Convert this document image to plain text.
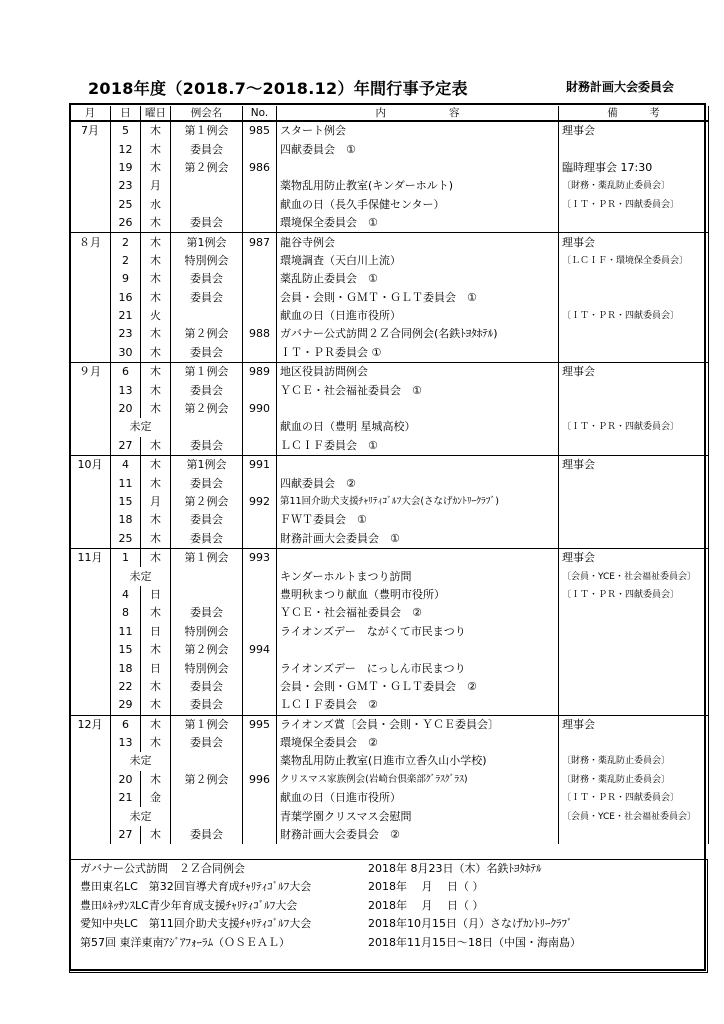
2018年度（2018.7～2018.12）年間行事予定表	財務計画大会委員会
月	日	曜日	例会名	No.	内　　　　　　容	備　　　考
7月	5	木	第１例会	985	スタート例会	理事会
	12	木	委員会		四献委員会　①	
	19	木	第２例会	986		臨時理事会 17:30
	23	月			薬物乱用防止教室(キンダーホルト)	〔財務・薬乱防止委員会〕
	25	水			献血の日（長久手保健センター）	〔ＩＴ・ＰＲ・四献委員会〕
	26	木	委員会		環境保全委員会　①	
８月	2	木	第1例会	987	龍谷寺例会	理事会
	2	木	特別例会		環境調査（天白川上流）	〔ＬＣＩＦ・環境保全委員会〕
	9	木	委員会		薬乱防止委員会　①	
	16	木	委員会		会員・会則・ＧＭＴ・ＧＬＴ委員会　①	
	21	火			献血の日（日進市役所）	〔ＩＴ・ＰＲ・四献委員会〕
	23	木	第２例会	988	ガバナー公式訪問２Ｚ合同例会(名鉄ﾄﾖﾀﾎﾃﾙ)	
	30	木	委員会		ＩＴ・ＰＲ委員会 ①	
９月	6	木	第１例会	989	地区役員訪問例会	理事会
	13	木	委員会		ＹＣＥ・社会福祉委員会　①	
	20	木	第２例会	990		
	未定				献血の日（豊明 星城高校）	〔ＩＴ・ＰＲ・四献委員会〕
	27	木	委員会		ＬＣＩＦ委員会　①	
10月	4	木	第1例会	991		理事会
	11	木	委員会		四献委員会　②	
	15	月	第２例会	992	第11回介助犬支援ﾁｬﾘﾃｨｺﾞﾙﾌ大会(さなげｶﾝﾄﾘｰｸﾗﾌﾞ)	
	18	木	委員会		ＦＷＴ委員会　①	
	25	木	委員会		財務計画大会委員会　①	
11月	1	木	第１例会	993		理事会
	未定				キンダーホルトまつり訪問	〔会員・YCE・社会福祉委員会〕
	4	日			豊明秋まつり献血（豊明市役所）	〔ＩＴ・ＰＲ・四献委員会〕
	8	木	委員会		ＹＣＥ・社会福祉委員会　②	
	11	日	特別例会		ライオンズデー　ながくて市民まつり	
	15	木	第２例会	994		
	18	日	特別例会		ライオンズデー　にっしん市民まつり	
	22	木	委員会		会員・会則・ＧＭＴ・ＧＬＴ委員会　②	
	29	木	委員会		ＬＣＩＦ委員会　②	
12月	6	木	第１例会	995	ライオンズ賞〔会員・会則・ＹＣＥ委員会〕	理事会
	13	木	委員会		環境保全委員会　②	
	未定				薬物乱用防止教室(日進市立香久山小学校)	〔財務・薬乱防止委員会〕
	20	木	第２例会	996	クリスマス家族例会(岩崎台倶楽部ｸﾞﾗｽｸﾞﾗｽ)	〔財務・薬乱防止委員会〕
	21	金			献血の日（日進市役所）	〔ＩＴ・ＰＲ・四献委員会〕
	未定				青葉学園クリスマス会慰問	〔会員・YCE・社会福祉委員会〕
	27	木	委員会		財務計画大会委員会　②	
ガバナー公式訪問　２Ｚ合同例会	2018年 8月23日（木）名鉄ﾄﾖﾀﾎﾃﾙ
豊田東名LC　第32回盲導犬育成ﾁｬﾘﾃｨｺﾞﾙﾌ大会	2018年　 月　 日（ ）
豊田ﾙﾈｯｻﾝｽLC青少年育成支援ﾁｬﾘﾃｨｺﾞﾙﾌ大会	2018年　 月　 日（ ）
愛知中央LC　第11回介助犬支援ﾁｬﾘﾃｨｺﾞﾙﾌ大会	2018年10月15日（月）さなげｶﾝﾄﾘｰｸﾗﾌﾞ
第57回 東洋東南ｱｼﾞｱﾌｫｰﾗﾑ（ＯＳＥＡＬ）	2018年11月15日～18日（中国・海南島）
